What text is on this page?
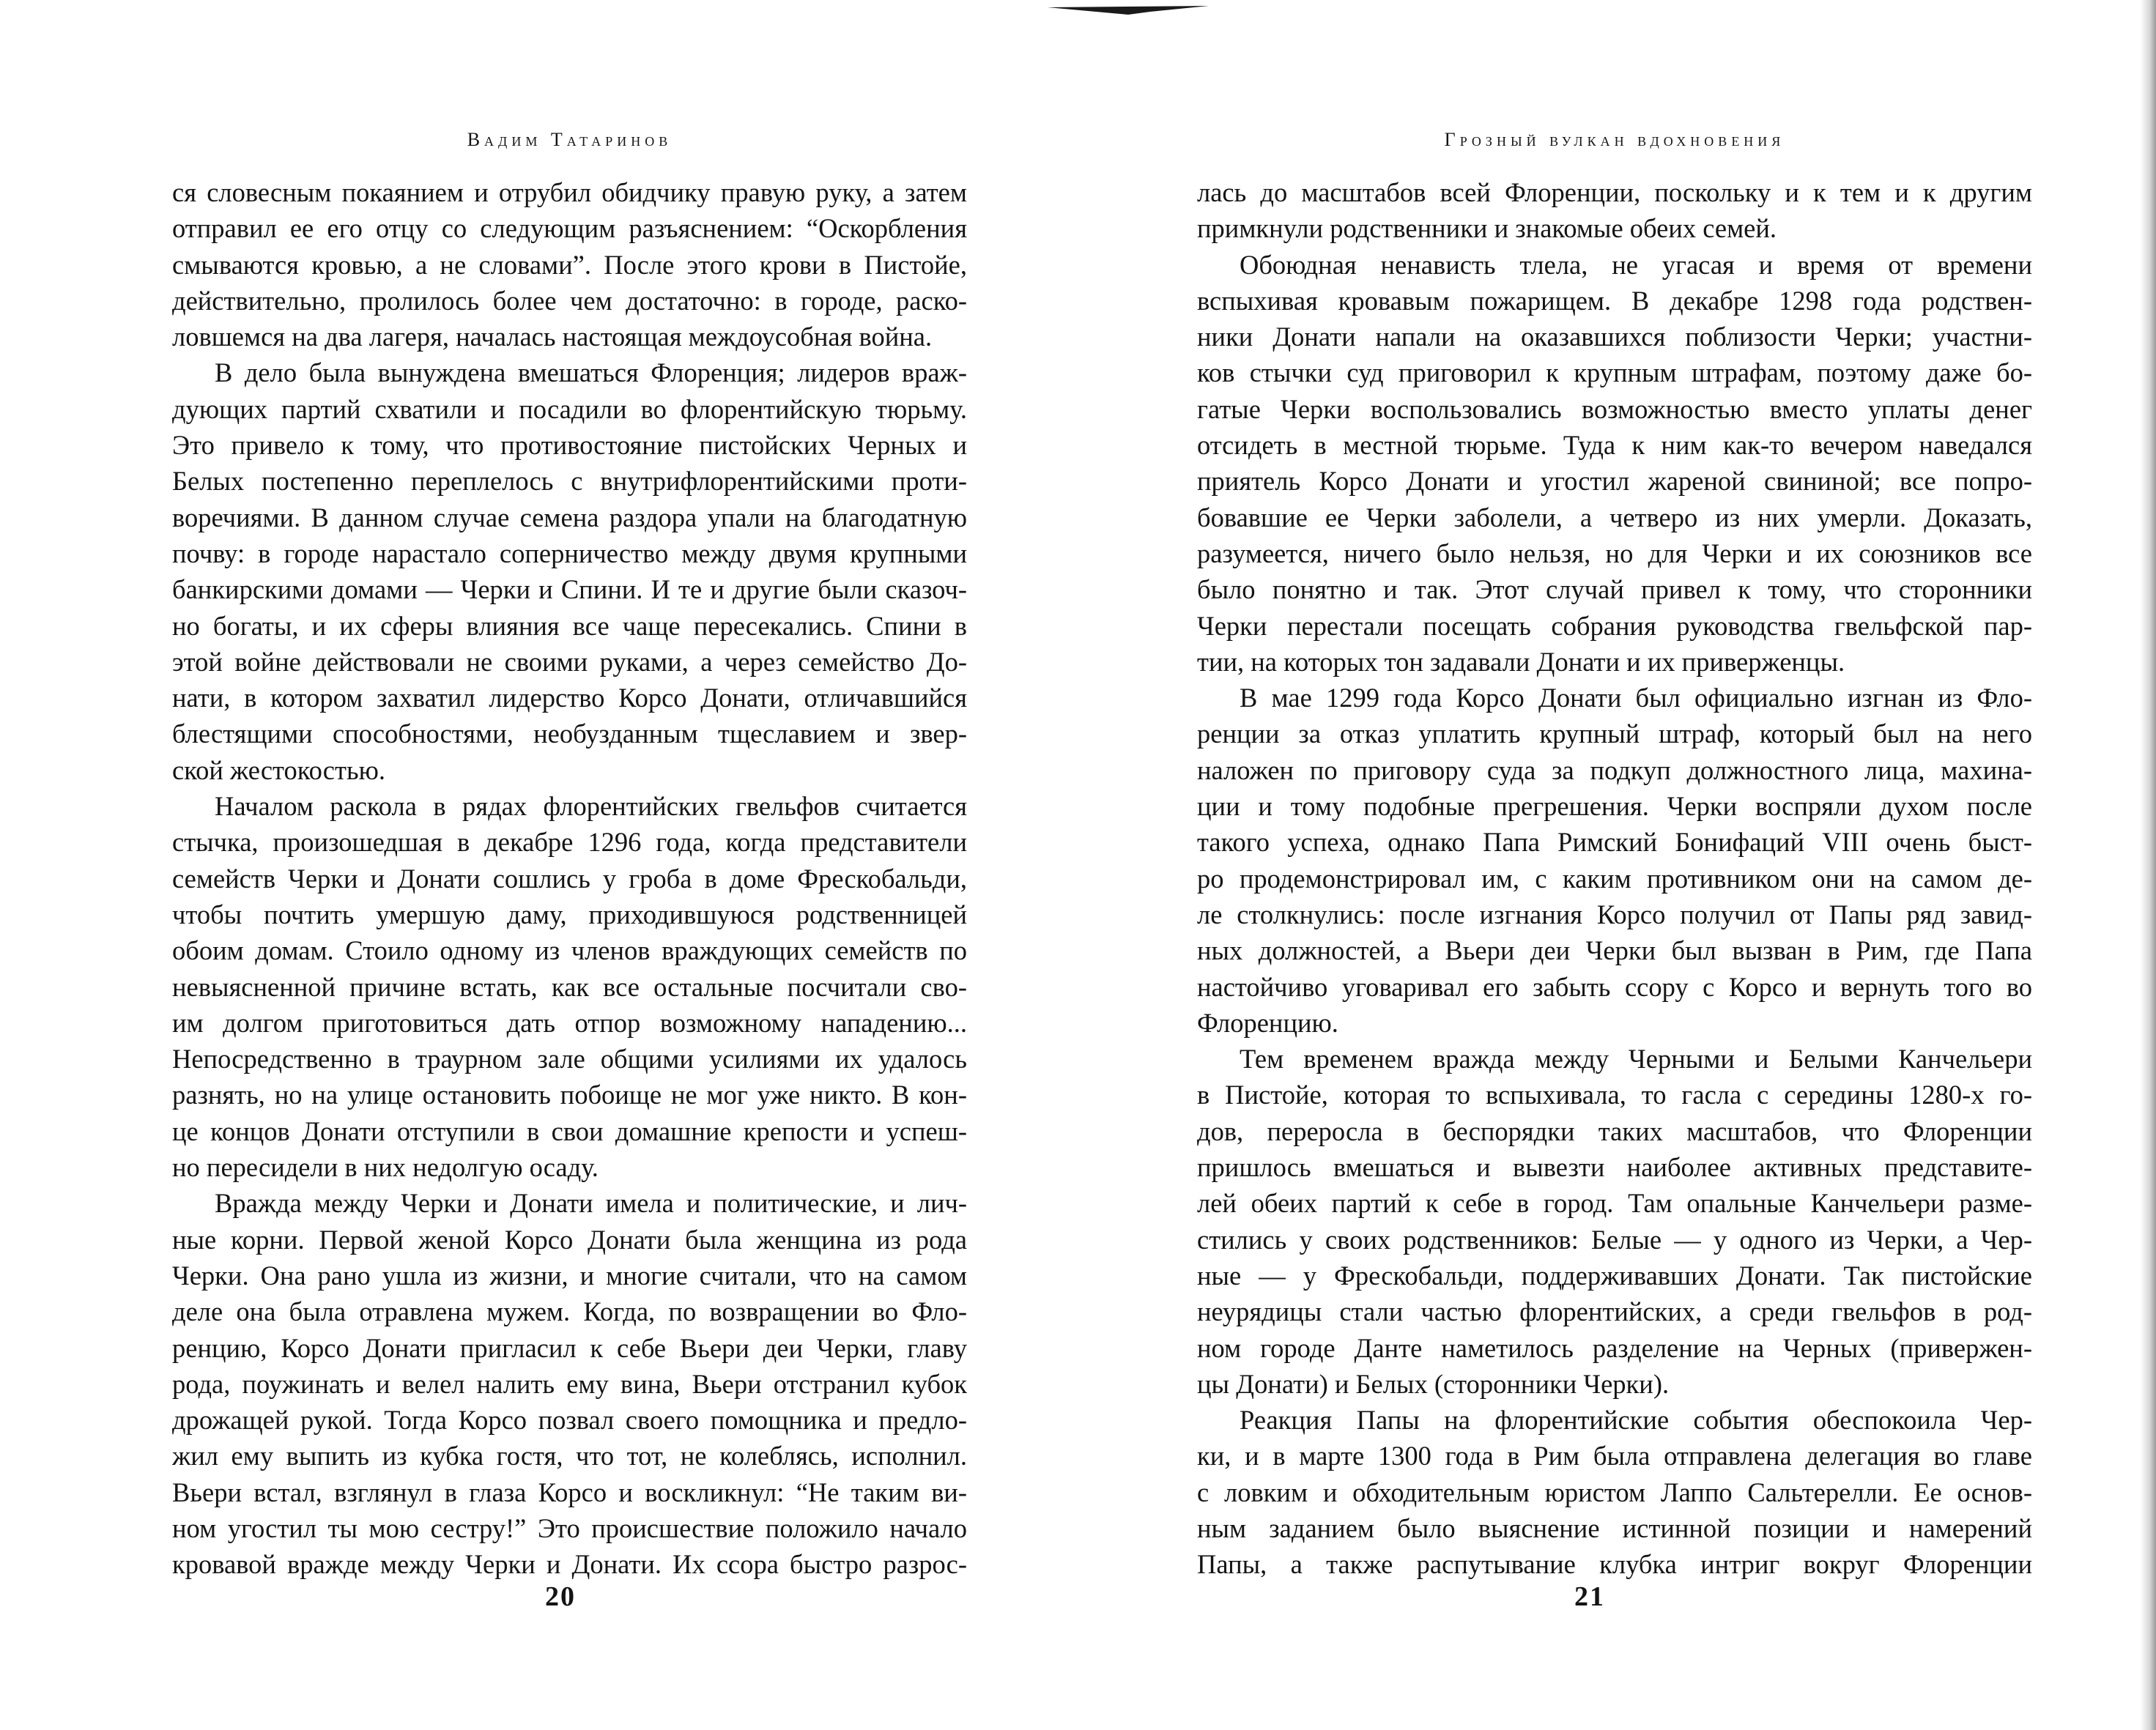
Вадим Татаринов
ся словесным покаянием и отрубил обидчику правую руку, а затем
отправил ее его отцу со следующим разъяснением: “Оскорбления
смываются кровью, а не словами”. После этого крови в Пистойе,
действительно, пролилось более чем достаточно: в городе, раско-
ловшемся на два лагеря, началась настоящая междоусобная война.
В дело была вынуждена вмешаться Флоренция; лидеров враж-
дующих партий схватили и посадили во флорентийскую тюрьму.
Это привело к тому, что противостояние пистойских Черных и
Белых постепенно переплелось с внутрифлорентийскими проти-
воречиями. В данном случае семена раздора упали на благодатную
почву: в городе нарастало соперничество между двумя крупными
банкирскими домами — Черки и Спини. И те и другие были сказоч-
но богаты, и их сферы влияния все чаще пересекались. Спини в
этой войне действовали не своими руками, а через семейство До-
нати, в котором захватил лидерство Корсо Донати, отличавшийся
блестящими способностями, необузданным тщеславием и звер-
ской жестокостью.
Началом раскола в рядах флорентийских гвельфов считается
стычка, произошедшая в декабре 1296 года, когда представители
семейств Черки и Донати сошлись у гроба в доме Фрескобальди,
чтобы почтить умершую даму, приходившуюся родственницей
обоим домам. Стоило одному из членов враждующих семейств по
невыясненной причине встать, как все остальные посчитали сво-
им долгом приготовиться дать отпор возможному нападению...
Непосредственно в траурном зале общими усилиями их удалось
разнять, но на улице остановить побоище не мог уже никто. В кон-
це концов Донати отступили в свои домашние крепости и успеш-
но пересидели в них недолгую осаду.
Вражда между Черки и Донати имела и политические, и лич-
ные корни. Первой женой Корсо Донати была женщина из рода
Черки. Она рано ушла из жизни, и многие считали, что на самом
деле она была отравлена мужем. Когда, по возвращении во Фло-
ренцию, Корсо Донати пригласил к себе Вьери деи Черки, главу
рода, поужинать и велел налить ему вина, Вьери отстранил кубок
дрожащей рукой. Тогда Корсо позвал своего помощника и предло-
жил ему выпить из кубка гостя, что тот, не колеблясь, исполнил.
Вьери встал, взглянул в глаза Корсо и воскликнул: “Не таким ви-
ном угостил ты мою сестру!” Это происшествие положило начало
кровавой вражде между Черки и Донати. Их ссора быстро разрос-
20
Грозный вулкан вдохновения
лась до масштабов всей Флоренции, поскольку и к тем и к другим
примкнули родственники и знакомые обеих семей.
Обоюдная ненависть тлела, не угасая и время от времени
вспыхивая кровавым пожарищем. В декабре 1298 года родствен-
ники Донати напали на оказавшихся поблизости Черки; участни-
ков стычки суд приговорил к крупным штрафам, поэтому даже бо-
гатые Черки воспользовались возможностью вместо уплаты денег
отсидеть в местной тюрьме. Туда к ним как-то вечером наведался
приятель Корсо Донати и угостил жареной свининой; все попро-
бовавшие ее Черки заболели, а четверо из них умерли. Доказать,
разумеется, ничего было нельзя, но для Черки и их союзников все
было понятно и так. Этот случай привел к тому, что сторонники
Черки перестали посещать собрания руководства гвельфской пар-
тии, на которых тон задавали Донати и их приверженцы.
В мае 1299 года Корсо Донати был официально изгнан из Фло-
ренции за отказ уплатить крупный штраф, который был на него
наложен по приговору суда за подкуп должностного лица, махина-
ции и тому подобные прегрешения. Черки воспряли духом после
такого успеха, однако Папа Римский Бонифаций VIII очень быст-
ро продемонстрировал им, с каким противником они на самом де-
ле столкнулись: после изгнания Корсо получил от Папы ряд завид-
ных должностей, а Вьери деи Черки был вызван в Рим, где Папа
настойчиво уговаривал его забыть ссору с Корсо и вернуть того во
Флоренцию.
Тем временем вражда между Черными и Белыми Канчельери
в Пистойе, которая то вспыхивала, то гасла с середины 1280-х го-
дов, переросла в беспорядки таких масштабов, что Флоренции
пришлось вмешаться и вывезти наиболее активных представите-
лей обеих партий к себе в город. Там опальные Канчельери разме-
стились у своих родственников: Белые — у одного из Черки, а Чер-
ные — у Фрескобальди, поддерживавших Донати. Так пистойские
неурядицы стали частью флорентийских, а среди гвельфов в род-
ном городе Данте наметилось разделение на Черных (привержен-
цы Донати) и Белых (сторонники Черки).
Реакция Папы на флорентийские события обеспокоила Чер-
ки, и в марте 1300 года в Рим была отправлена делегация во главе
с ловким и обходительным юристом Лаппо Сальтерелли. Ее основ-
ным заданием было выяснение истинной позиции и намерений
Папы, а также распутывание клубка интриг вокруг Флоренции
21
